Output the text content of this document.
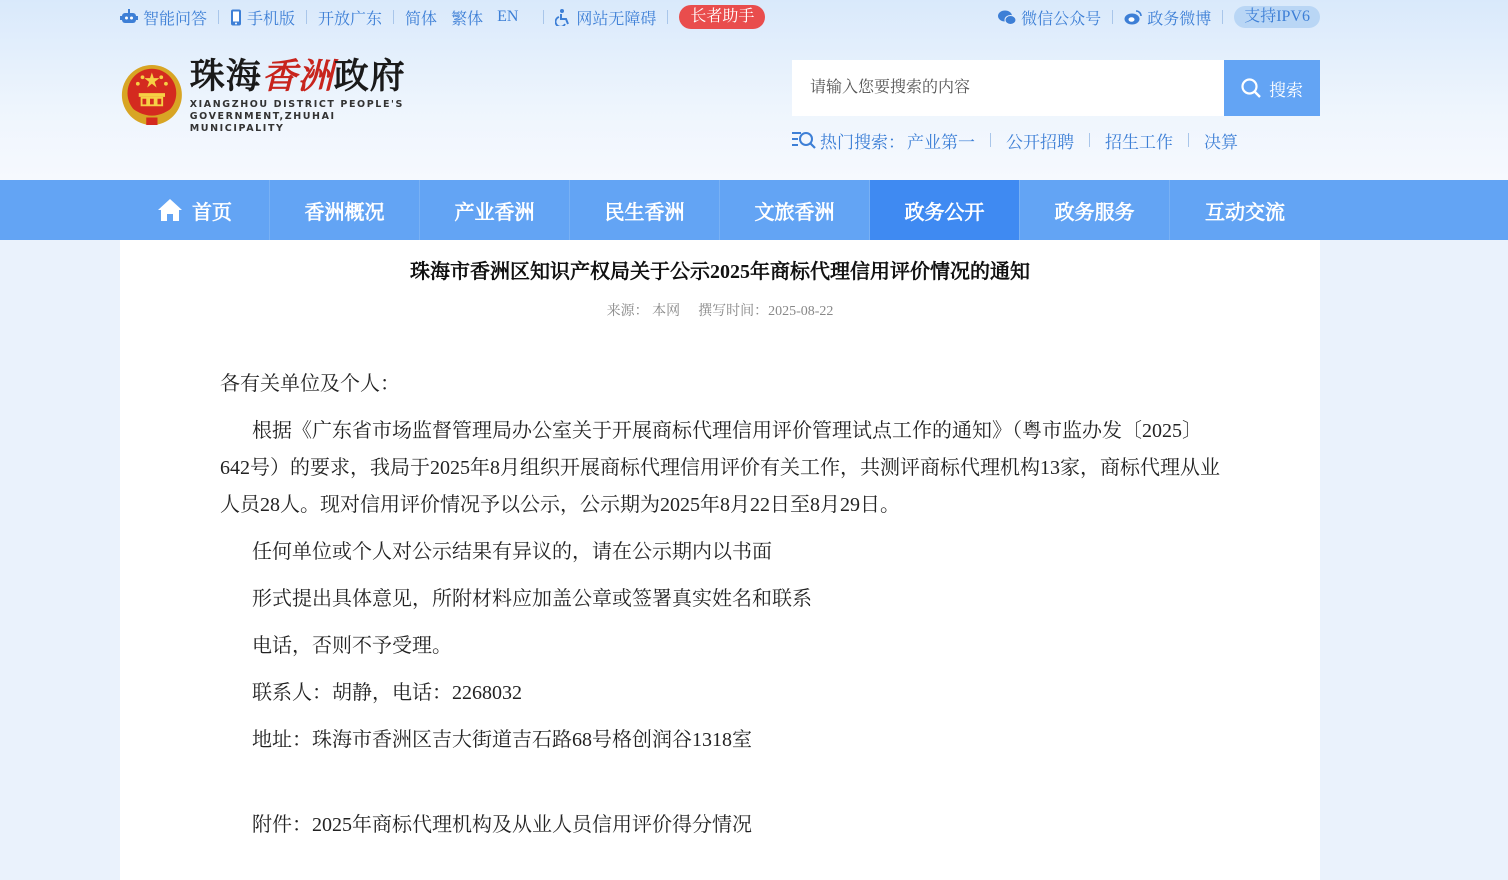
智能问答	手机版 开放广东 简体 繁体 EN	网站无障碍	长者助手	微信公众号	政务微博	支持IPV6
珠海香洲政府
XIANGZHOU DISTRICT PEOPLE'S
GOVERNMENT,ZHUHAI MUNICIPALITY
请输入您要搜索的内容
搜索
热门搜索： 产业第一 公开招聘 招生工作 决算
首页	香洲概况	产业香洲	民生香洲	文旅香洲	政务公开	政务服务	互动交流
珠海市香洲区知识产权局关于公示2025年商标代理信用评价情况的通知
来源： 本网 撰写时间：2025-08-22

各有关单位及个人：

根据《广东省市场监督管理局办公室关于开展商标代理信用评价管理试点工作的通知》（粤市监办发〔2025〕642号）的要求，我局于2025年8月组织开展商标代理信用评价有关工作，共测评商标代理机构13家，商标代理从业人员28人。现对信用评价情况予以公示，公示期为2025年8月22日至8月29日。

任何单位或个人对公示结果有异议的，请在公示期内以书面

形式提出具体意见，所附材料应加盖公章或签署真实姓名和联系

电话，否则不予受理。

联系人：胡静，电话：2268032

地址：珠海市香洲区吉大街道吉石路68号格创润谷1318室

附件：2025年商标代理机构及从业人员信用评价得分情况
